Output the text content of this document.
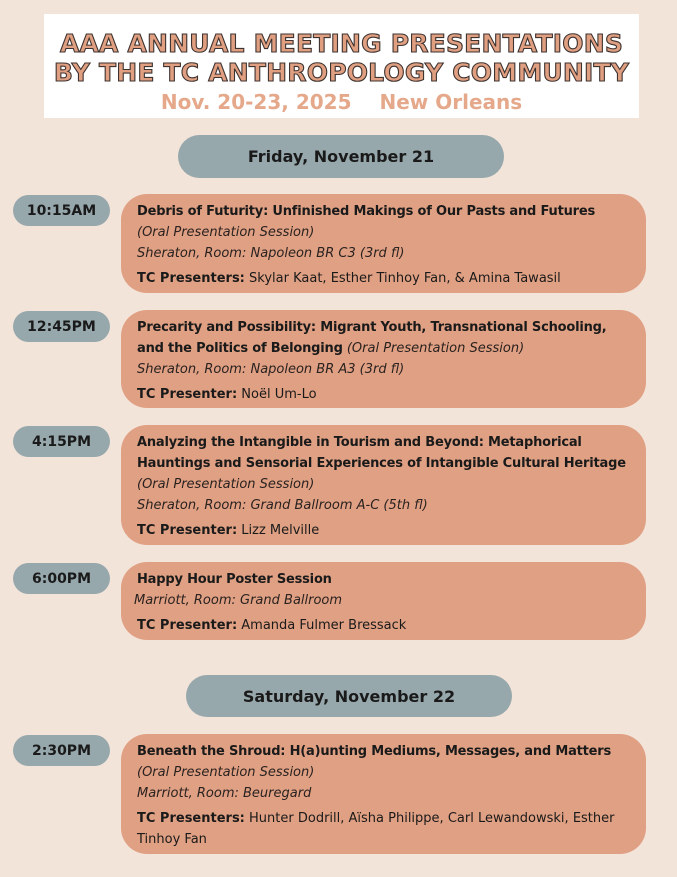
AAA ANNUAL MEETING PRESENTATIONS
BY THE TC ANTHROPOLOGY COMMUNITY
Nov. 20-23, 2025 New Orleans
Friday, November 21
10:15AM	Debris of Futurity: Unfinished Makings of Our Pasts and Futures (Oral Presentation Session)
Sheraton, Room: Napoleon BR C3 (3rd fl)
TC Presenters: Skylar Kaat, Esther Tinhoy Fan, & Amina Tawasil
12:45PM	Precarity and Possibility: Migrant Youth, Transnational Schooling, and the Politics of Belonging (Oral Presentation Session)
Sheraton, Room: Napoleon BR A3 (3rd fl)
TC Presenter: Noël Um-Lo
4:15PM	Analyzing the Intangible in Tourism and Beyond: Metaphorical Hauntings and Sensorial Experiences of Intangible Cultural Heritage
(Oral Presentation Session)
Sheraton, Room: Grand Ballroom A-C (5th fl)
TC Presenter: Lizz Melville
6:00PM	Happy Hour Poster Session
Marriott, Room: Grand Ballroom
TC Presenter: Amanda Fulmer Bressack
Saturday, November 22
2:30PM	Beneath the Shroud: H(a)unting Mediums, Messages, and Matters
(Oral Presentation Session)
Marriott, Room: Beuregard
TC Presenters: Hunter Dodrill, Aïsha Philippe, Carl Lewandowski, Esther Tinhoy Fan
